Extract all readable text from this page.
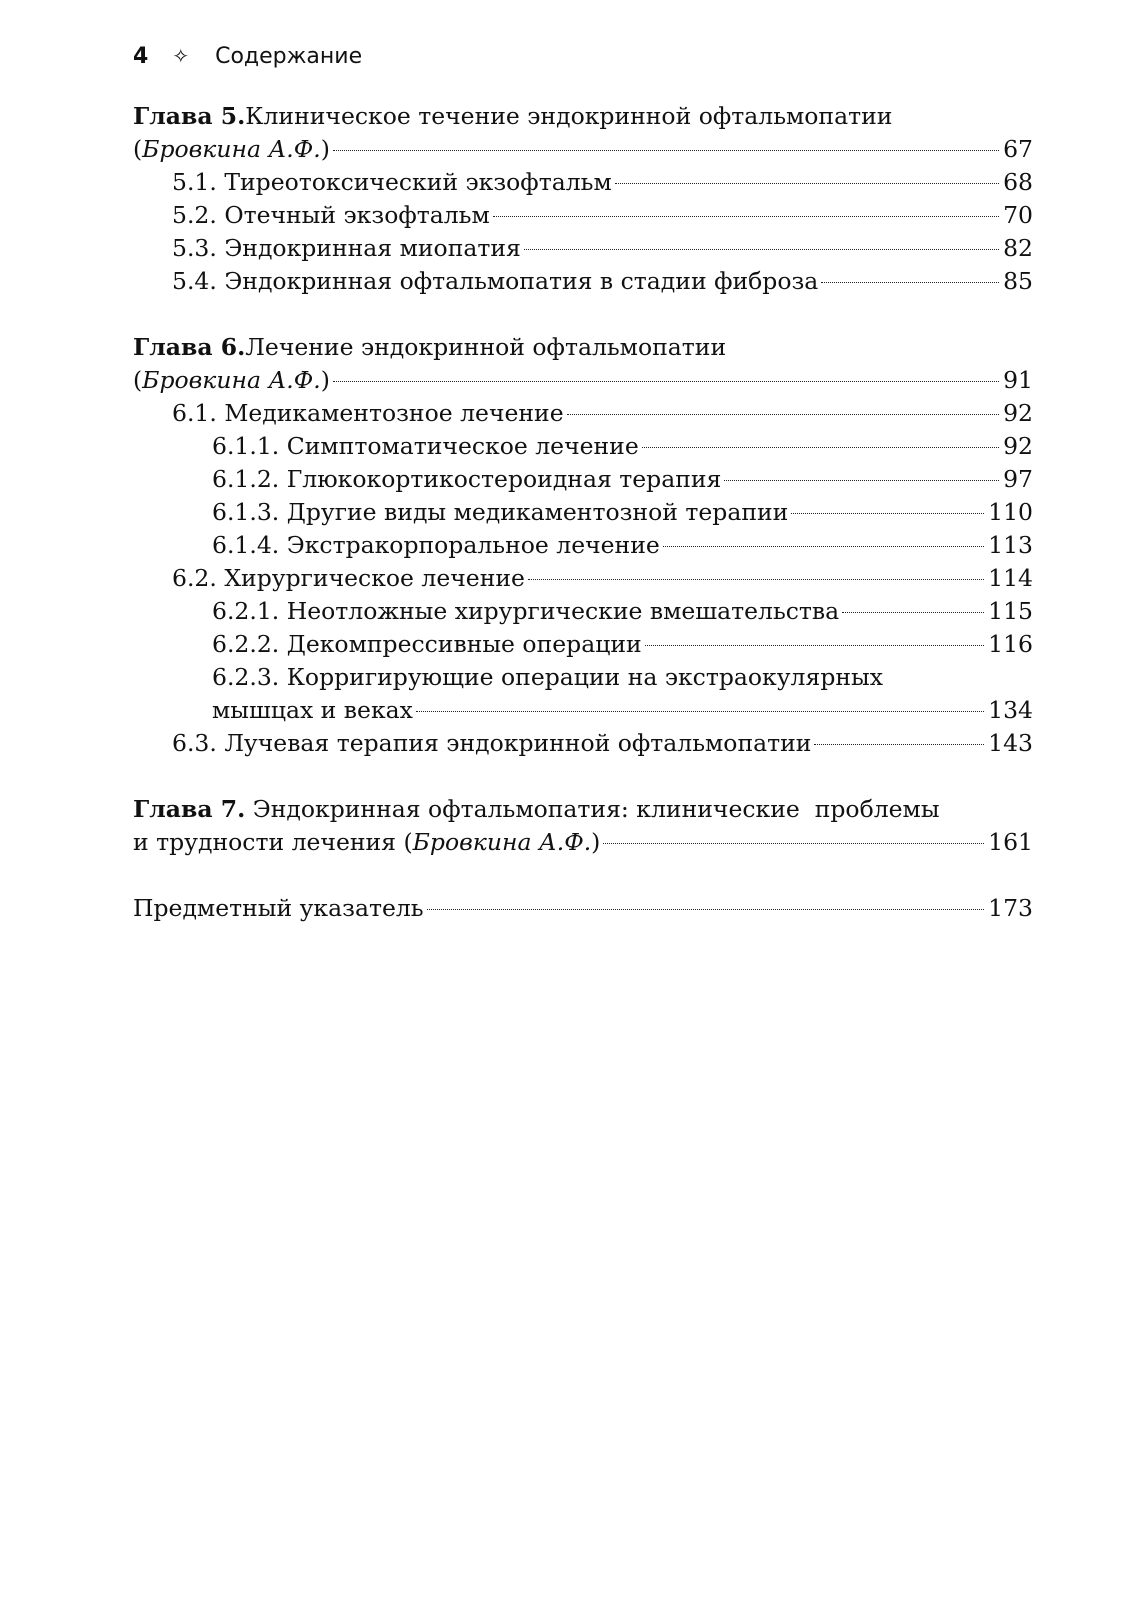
4 ✧ Содержание
Глава 5. Клиническое течение эндокринной офтальмопатии
( Бровкина А.Ф. )	67
5.1. Тиреотоксический экзофтальм	68
5.2. Отечный экзофтальм	70
5.3. Эндокринная миопатия	82
5.4. Эндокринная офтальмопатия в стадии фиброза	85
Глава 6. Лечение эндокринной офтальмопатии
( Бровкина А.Ф. )	91
6.1. Медикаментозное лечение	92
6.1.1. Симптоматическое лечение	92
6.1.2. Глюкокортикостероидная терапия	97
6.1.3. Другие виды медикаментозной терапии	110
6.1.4. Экстракорпоральное лечение	113
6.2. Хирургическое лечение	114
6.2.1. Неотложные хирургические вмешательства	115
6.2.2. Декомпрессивные операции	116
6.2.3. Корригирующие операции на экстраокулярных
мышцах и веках	134
6.3. Лучевая терапия эндокринной офтальмопатии	143
Глава 7. Эндокринная офтальмопатия: клинические  проблемы
и трудности лечения ( Бровкина А.Ф. )	161
Предметный указатель	173
